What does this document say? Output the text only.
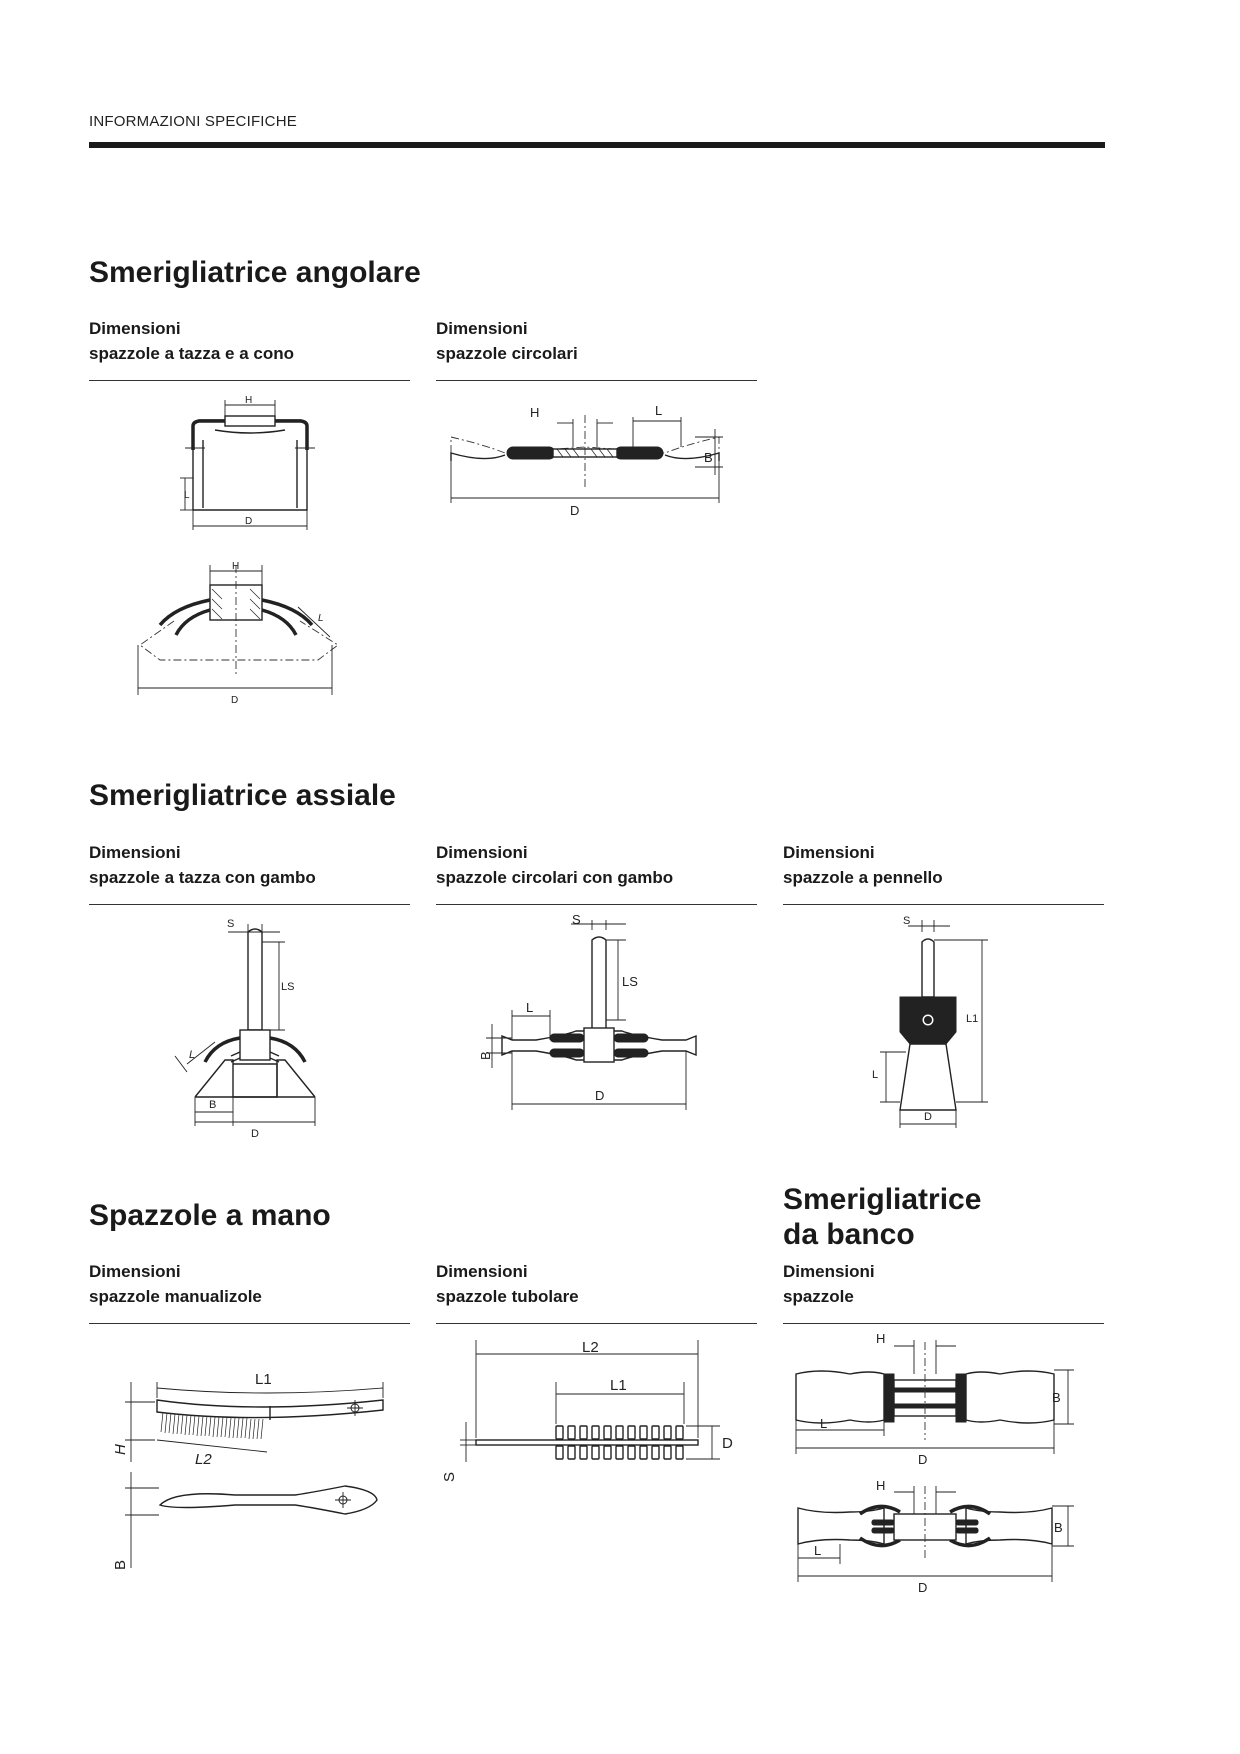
INFORMAZIONI SPECIFICHE
Smerigliatrice angolare
Dimensioni
spazzole a tazza e a cono
Dimensioni
spazzole circolari
H
L
D
H
L
D
H	L
B
D
Smerigliatrice assiale
Dimensioni
spazzole a tazza con gambo
Dimensioni
spazzole circolari con gambo
Dimensioni
spazzole a pennello
S
LS
L
B
D
S
LS
L
B
D
S
L1
L
D
Spazzole a mano
Dimensioni
spazzole manualizole
Dimensioni
spazzole tubolare
Smerigliatrice
da banco
Dimensioni
spazzole
L1
H
L2
B
L2
L1
D
S
H
B
L
D
H
B
L
D
